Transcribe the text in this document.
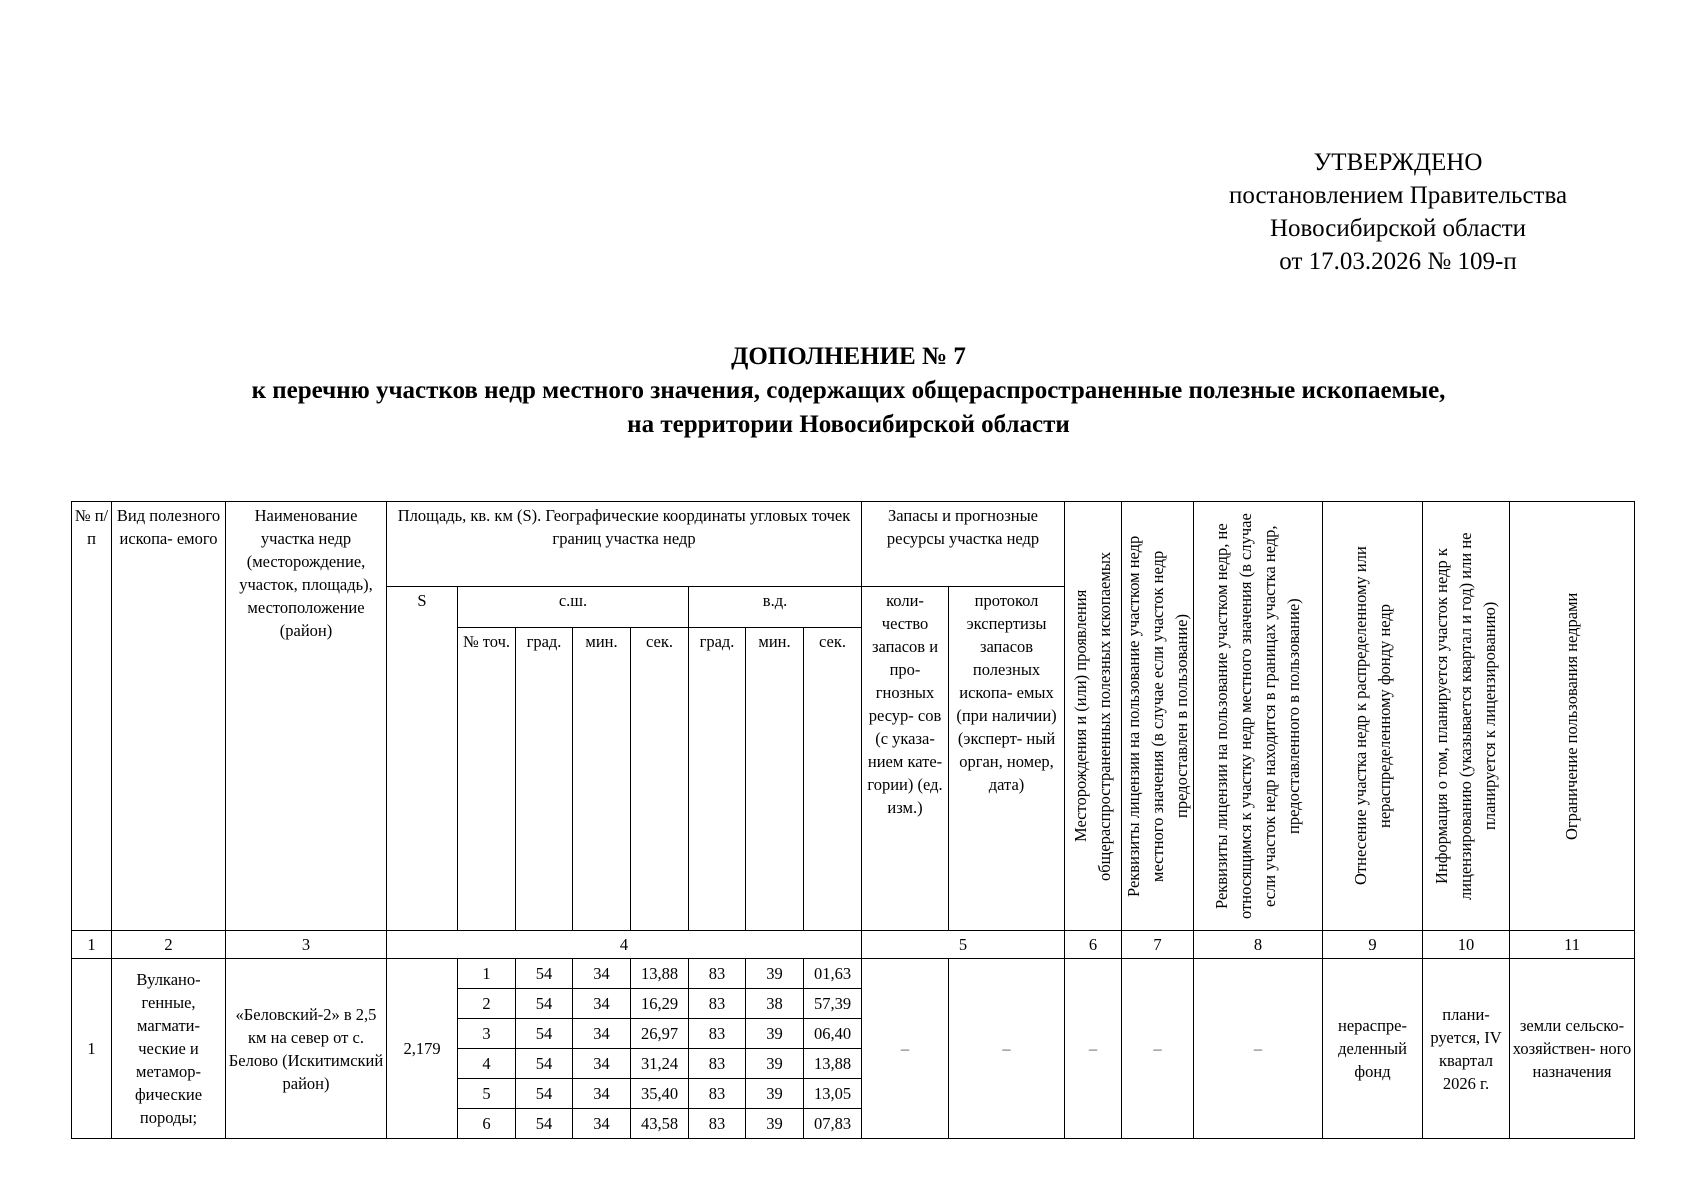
УТВЕРЖДЕНО
постановлением Правительства
Новосибирской области
от 17.03.2026 № 109-п
ДОПОЛНЕНИЕ № 7
к перечню участков недр местного значения, содержащих общераспространенные полезные ископаемые,
на территории Новосибирской области
№ п/п	Вид полезного ископа- емого	Наименование участка недр (месторождение, участок, площадь), местоположение (район)	Площадь, кв. км (S). Географические координаты угловых точек границ участка недр								Запасы и прогнозные ресурсы участка недр		Месторождения и (или) проявления общераспространенных полезных ископаемых	Реквизиты лицензии на пользование участком недр местного значения (в случае если участок недр предоставлен в пользование)	Реквизиты лицензии на пользование участком недр, не относящимся к участку недр местного значения (в случае если участок недр находится в границах участка недр, предоставленного в пользование)	Отнесение участка недр к распределенному или нераспределенному фонду недр	Информация о том, планируется участок недр к лицензированию (указывается квартал и год) или не планируется к лицензированию)	Ограничение пользования недрами

			S	с.ш.				в.д.			коли- чество запасов и про- гнозных ресур- сов (с указа- нием кате- гории) (ед. изм.)	протокол экспертизы запасов полезных ископа- емых (при наличии) (эксперт- ный орган, номер, дата)						
				№ точ.	град.	мин.	сек.	град.	мин.	сек.								
1	2	3	4								5		6	7	8	9	10	11
1	Вулкано- генные, магмати- ческие и метамор- фические породы;	«Беловский-2» в 2,5 км на север от с. Белово (Искитимский район)	2,179	1	54	34	13,88	83	39	01,63	–	–	–	–	–	нераспре- деленный фонд	плани- руется, IV квартал 2026 г.	земли сельско- хозяйствен- ного назначения
				2	54	34	16,29	83	38	57,39								
				3	54	34	26,97	83	39	06,40								
				4	54	34	31,24	83	39	13,88								
				5	54	34	35,40	83	39	13,05								
				6	54	34	43,58	83	39	07,83								
